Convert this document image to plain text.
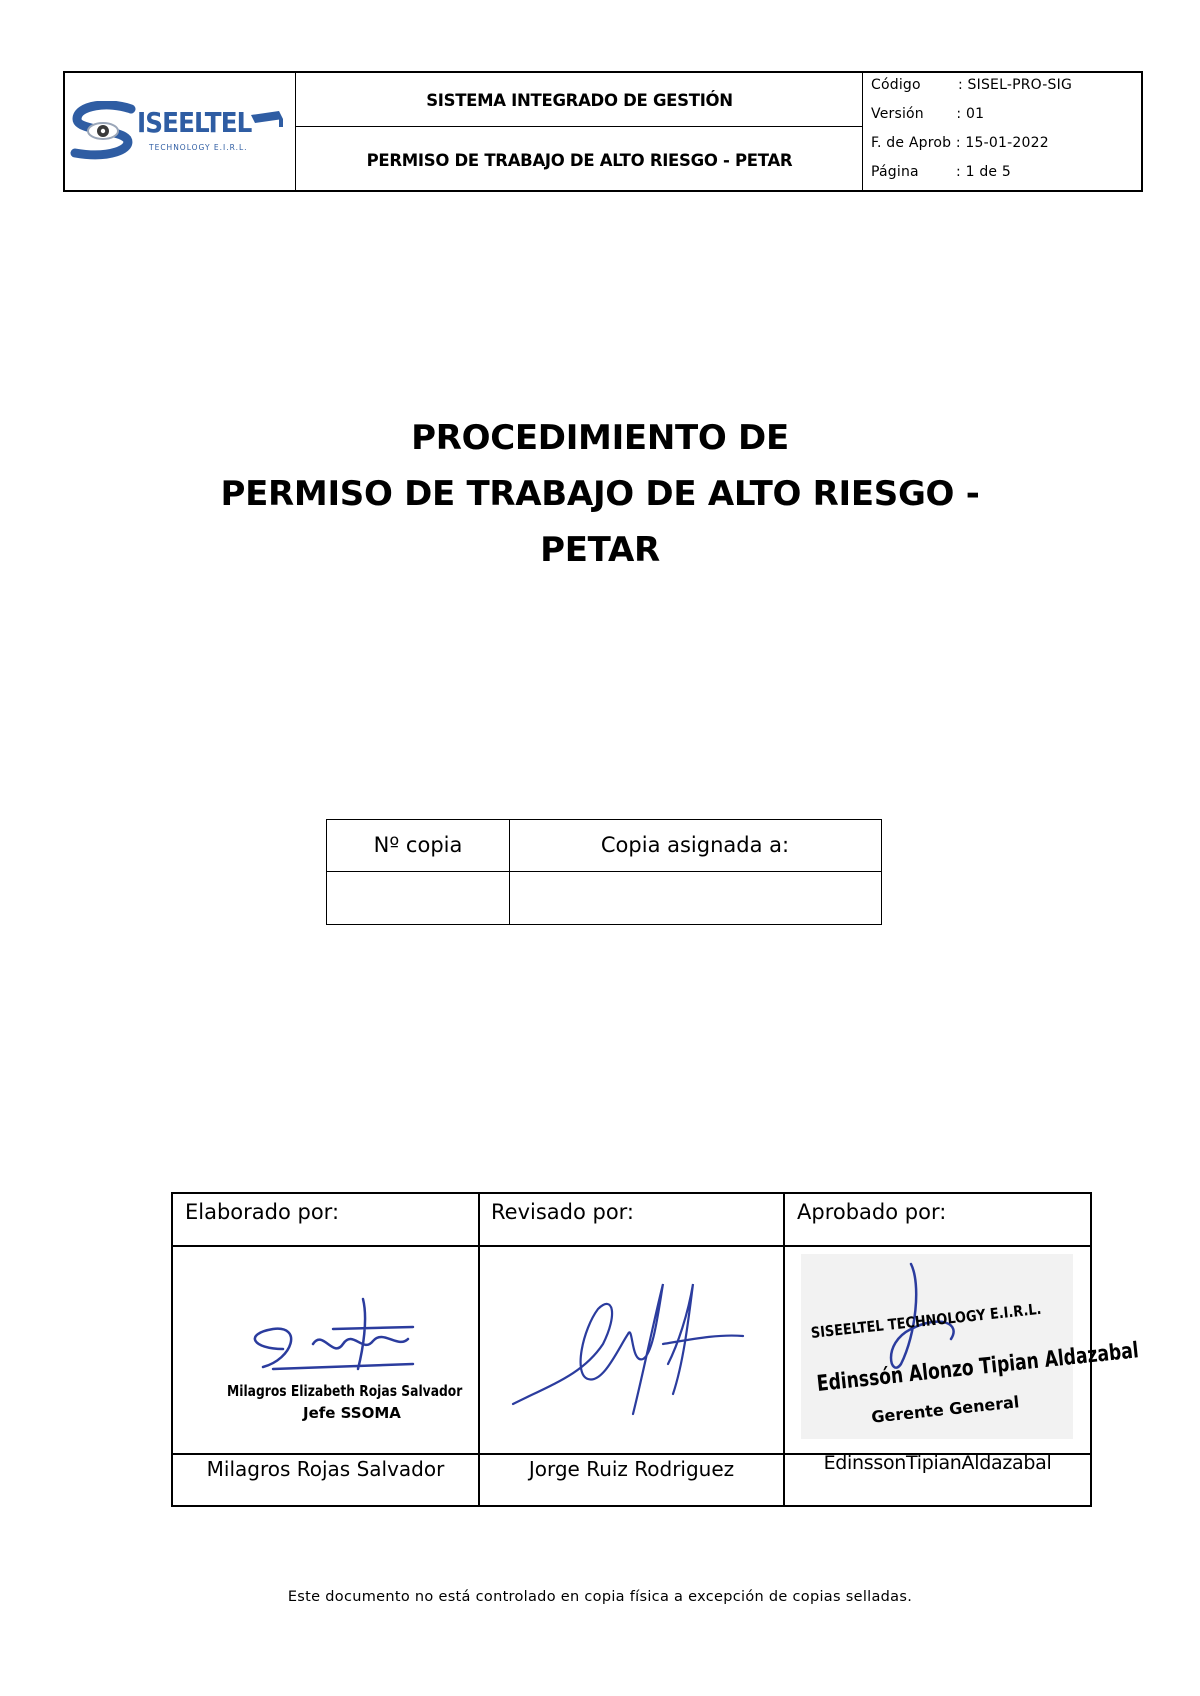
ISEELTEL
TECHNOLOGY E.I.R.L.
SISTEMA INTEGRADO DE GESTIÓN
PERMISO DE TRABAJO DE ALTO RIESGO - PETAR
Código        : SISEL-PRO-SIG
Versión       : 01
F. de Aprob : 15-01-2022
Página        : 1 de 5
PROCEDIMIENTO DE
PERMISO DE TRABAJO DE ALTO RIESGO -
PETAR
Nº copia	Copia asignada a:
Elaborado por:	Revisado por:	Aprobado por:
Milagros Elizabeth Rojas Salvador
Jefe SSOMA
SISEELTEL TECHNOLOGY E.I.R.L.
Edinssón Alonzo Tipian Aldazabal
Gerente General
Milagros Rojas Salvador	Jorge Ruiz Rodriguez	EdinssonTipianAldazabal
Este documento no está controlado en copia física a excepción de copias selladas.
